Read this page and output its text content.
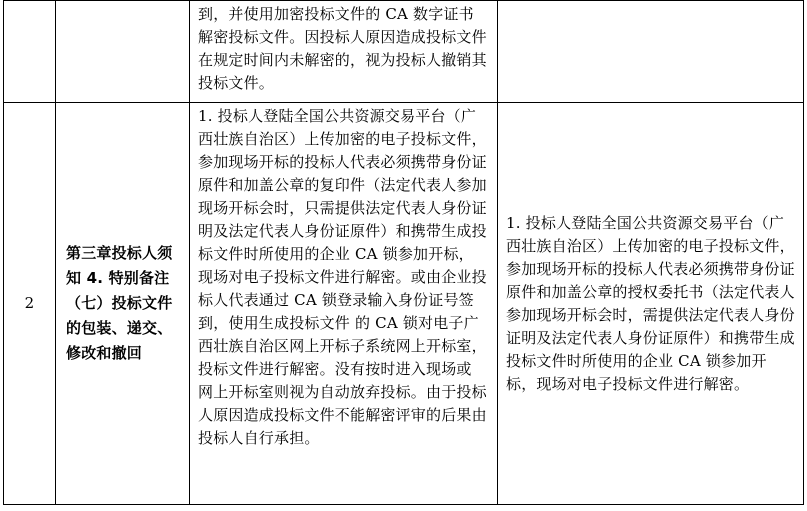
		到，并使用加密投标文件的 CA 数字证书解密投标文件。因投标人原因造成投标文件在规定时间内未解密的，视为投标人撤销其投标文件。	

2	第三章投标人须知 4. 特别备注（七）投标文件的包装、递交、修改和撤回	1. 投标人登陆全国公共资源交易平台（广西壮族自治区）上传加密的电子投标文件，参加现场开标的投标人代表必须携带身份证原件和加盖公章的复印件（法定代表人参加现场开标会时，只需提供法定代表人身份证明及法定代表人身份证原件）和携带生成投标文件时所使用的企业 CA 锁参加开标，现场对电子投标文件进行解密。或由企业投标人代表通过 CA 锁登录输入身份证号签到，使用生成投标文件 的 CA 锁对电子广西壮族自治区网上开标子系统网上开标室，投标文件进行解密。没有按时进入现场或 网上开标室则视为自动放弃投标。由于投标人原因造成投标文件不能解密评审的后果由投标人自行承担。	1. 投标人登陆全国公共资源交易平台（广西壮族自治区）上传加密的电子投标文件，参加现场开标的投标人代表必须携带身份证原件和加盖公章的授权委托书（法定代表人参加现场开标会时，需提供法定代表人身份证明及法定代表人身份证原件）和携带生成投标文件时所使用的企业 CA 锁参加开标，现场对电子投标文件进行解密。
